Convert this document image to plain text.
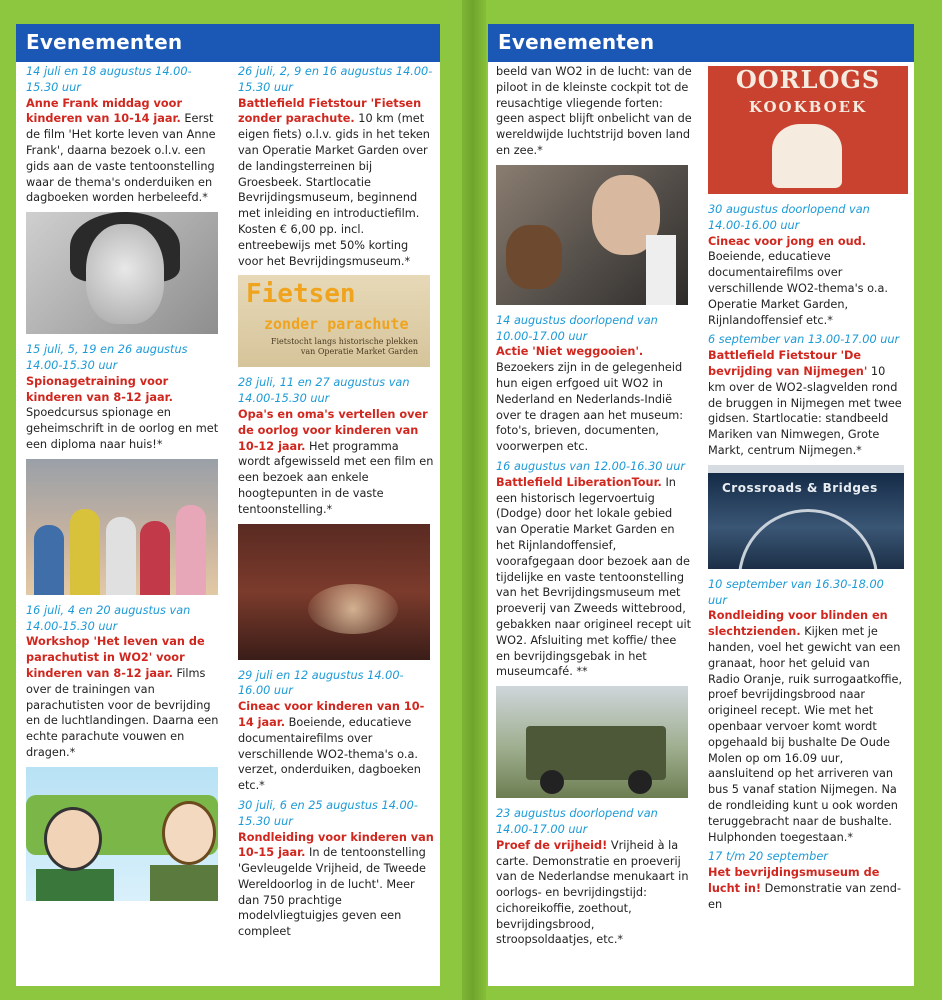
Evenementen
14 juli en 18 augustus 14.00-15.30 uur
Anne Frank middag voor kinderen van 10-14 jaar. Eerst de film 'Het korte leven van Anne Frank', daarna bezoek o.l.v. een gids aan de vaste tentoonstelling waar de thema's onderduiken en dagboeken worden herbeleefd.*
15 juli, 5, 19 en 26 augustus 14.00-15.30 uur
Spionagetraining voor kinderen van 8-12 jaar. Spoedcursus spionage en geheimschrift in de oorlog en met een diploma naar huis!*
16 juli, 4 en 20 augustus van 14.00-15.30 uur
Workshop 'Het leven van de parachutist in WO2' voor kinderen van 8-12 jaar. Films over de trainingen van parachutisten voor de bevrijding en de luchtlandingen. Daarna een echte parachute vouwen en dragen.*
26 juli, 2, 9 en 16 augustus 14.00-15.30 uur
Battlefield Fietstour 'Fietsen zonder parachute. 10 km (met eigen fiets) o.l.v. gids in het teken van Operatie Market Garden over de landingsterreinen bij Groesbeek. Startlocatie Bevrijdingsmuseum, beginnend met inleiding en introductiefilm. Kosten € 6,00 pp. incl. entreebewijs met 50% korting voor het Bevrijdingsmuseum.*
Fietsen
zonder parachute
Fietstocht langs historische plekken van Operatie Market Garden
28 juli, 11 en 27 augustus van 14.00-15.30 uur
Opa's en oma's vertellen over de oorlog voor kinderen van 10-12 jaar. Het programma wordt afgewisseld met een film en een bezoek aan enkele hoogtepunten in de vaste tentoonstelling.*
29 juli en 12 augustus 14.00-16.00 uur
Cineac voor kinderen van 10-14 jaar. Boeiende, educatieve documentairefilms over verschillende WO2-thema's o.a. verzet, onderduiken, dagboeken etc.*
30 juli, 6 en 25 augustus 14.00-15.30 uur
Rondleiding voor kinderen van 10-15 jaar. In de tentoonstelling 'Gevleugelde Vrijheid, de Tweede Wereldoorlog in de lucht'. Meer dan 750 prachtige modelvliegtuigjes geven een compleet
Evenementen
beeld van WO2 in de lucht: van de piloot in de kleinste cockpit tot de reusachtige vliegende forten: geen aspect blijft onbelicht van de wereldwijde luchtstrijd boven land en zee.*
14 augustus doorlopend van 10.00-17.00 uur
Actie 'Niet weggooien'. Bezoekers zijn in de gelegenheid hun eigen erfgoed uit WO2 in Nederland en Nederlands-Indië over te dragen aan het museum: foto's, brieven, documenten, voorwerpen etc.
16 augustus van 12.00-16.30 uur
Battlefield LiberationTour. In een historisch legervoertuig (Dodge) door het lokale gebied van Operatie Market Garden en het Rijnlandoffensief, voorafgegaan door bezoek aan de tijdelijke en vaste tentoonstelling van het Bevrijdingsmuseum met proeverij van Zweeds wittebrood, gebakken naar origineel recept uit WO2. Afsluiting met koffie/ thee en bevrijdingsgebak in het museumcafé. **
23 augustus doorlopend van 14.00-17.00 uur
Proef de vrijheid! Vrijheid à la carte. Demonstratie en proeverij van de Nederlandse menukaart in oorlogs- en bevrijdingstijd: cichoreikoffie, zoethout, bevrijdingsbrood, stroopsoldaatjes, etc.*
OORLOGS
KOOKBOEK
30 augustus doorlopend van 14.00-16.00 uur
Cineac voor jong en oud. Boeiende, educatieve documentairefilms over verschillende WO2-thema's o.a. Operatie Market Garden, Rijnlandoffensief etc.*
6 september van 13.00-17.00 uur
Battlefield Fietstour 'De bevrijding van Nijmegen' 10 km over de WO2-slagvelden rond de bruggen in Nijmegen met twee gidsen. Startlocatie: standbeeld Mariken van Nimwegen, Grote Markt, centrum Nijmegen.*
Crossroads & Bridges
10 september van 16.30-18.00 uur
Rondleiding voor blinden en slechtzienden. Kijken met je handen, voel het gewicht van een granaat, hoor het geluid van Radio Oranje, ruik surrogaatkoffie, proef bevrijdingsbrood naar origineel recept. Wie met het openbaar vervoer komt wordt opgehaald bij bushalte De Oude Molen op om 16.09 uur, aansluitend op het arriveren van bus 5 vanaf station Nijmegen. Na de rondleiding kunt u ook worden teruggebracht naar de bushalte. Hulphonden toegestaan.*
17 t/m 20 september
Het bevrijdingsmuseum de lucht in! Demonstratie van zend- en
